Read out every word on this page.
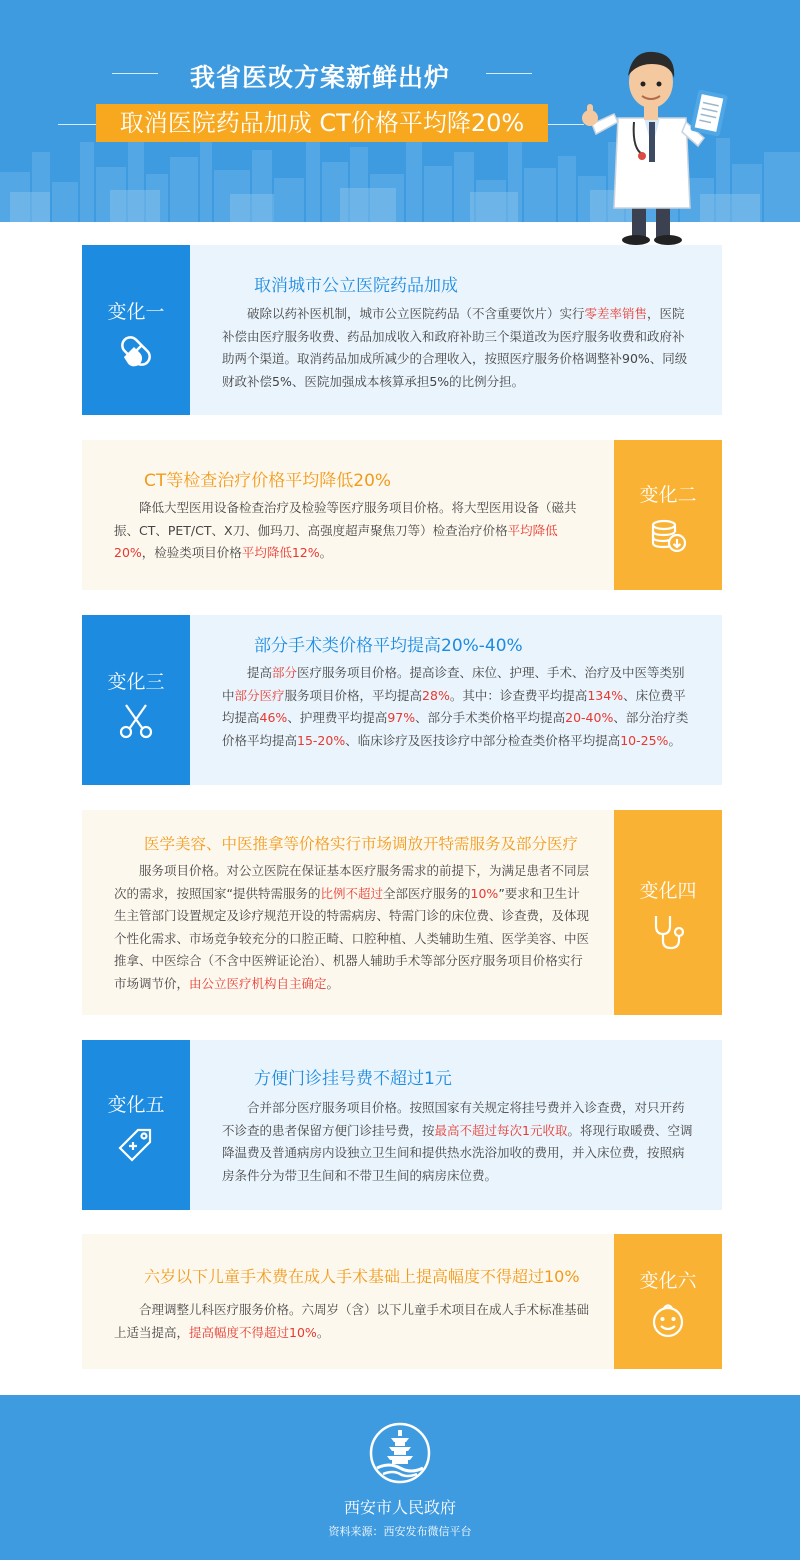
我省医改方案新鲜出炉
取消医院药品加成 CT价格平均降20%
变化一
取消城市公立医院药品加成

破除以药补医机制，城市公立医院药品（不含重要饮片）实行零差率销售，医院补偿由医疗服务收费、药品加成收入和政府补助三个渠道改为医疗服务收费和政府补助两个渠道。取消药品加成所减少的合理收入，按照医疗服务价格调整补90%、同级财政补偿5%、医院加强成本核算承担5%的比例分担。

CT等检查治疗价格平均降低20%

降低大型医用设备检查治疗及检验等医疗服务项目价格。将大型医用设备（磁共振、CT、PET/CT、X刀、伽玛刀、高强度超声聚焦刀等）检查治疗价格平均降低20%，检验类项目价格平均降低12%。

变化二
变化三
部分手术类价格平均提高20%-40%

提高部分医疗服务项目价格。提高诊查、床位、护理、手术、治疗及中医等类别中部分医疗服务项目价格，平均提高28%。其中：诊查费平均提高134%、床位费平均提高46%、护理费平均提高97%、部分手术类价格平均提高20-40%、部分治疗类价格平均提高15-20%、临床诊疗及医技诊疗中部分检查类价格平均提高10-25%。

医学美容、中医推拿等价格实行市场调放开特需服务及部分医疗

服务项目价格。对公立医院在保证基本医疗服务需求的前提下，为满足患者不同层次的需求，按照国家“提供特需服务的比例不超过全部医疗服务的10%”要求和卫生计生主管部门设置规定及诊疗规范开设的特需病房、特需门诊的床位费、诊查费，及体现个性化需求、市场竞争较充分的口腔正畸、口腔种植、人类辅助生殖、医学美容、中医推拿、中医综合（不含中医辨证论治）、机器人辅助手术等部分医疗服务项目价格实行市场调节价，由公立医疗机构自主确定。

变化四
变化五
方便门诊挂号费不超过1元

合并部分医疗服务项目价格。按照国家有关规定将挂号费并入诊查费，对只开药不诊查的患者保留方便门诊挂号费，按最高不超过每次1元收取。将现行取暖费、空调降温费及普通病房内设独立卫生间和提供热水洗浴加收的费用，并入床位费，按照病房条件分为带卫生间和不带卫生间的病房床位费。

六岁以下儿童手术费在成人手术基础上提高幅度不得超过10%

合理调整儿科医疗服务价格。六周岁（含）以下儿童手术项目在成人手术标准基础上适当提高，提高幅度不得超过10%。

变化六
西安市人民政府
资料来源：西安发布微信平台
